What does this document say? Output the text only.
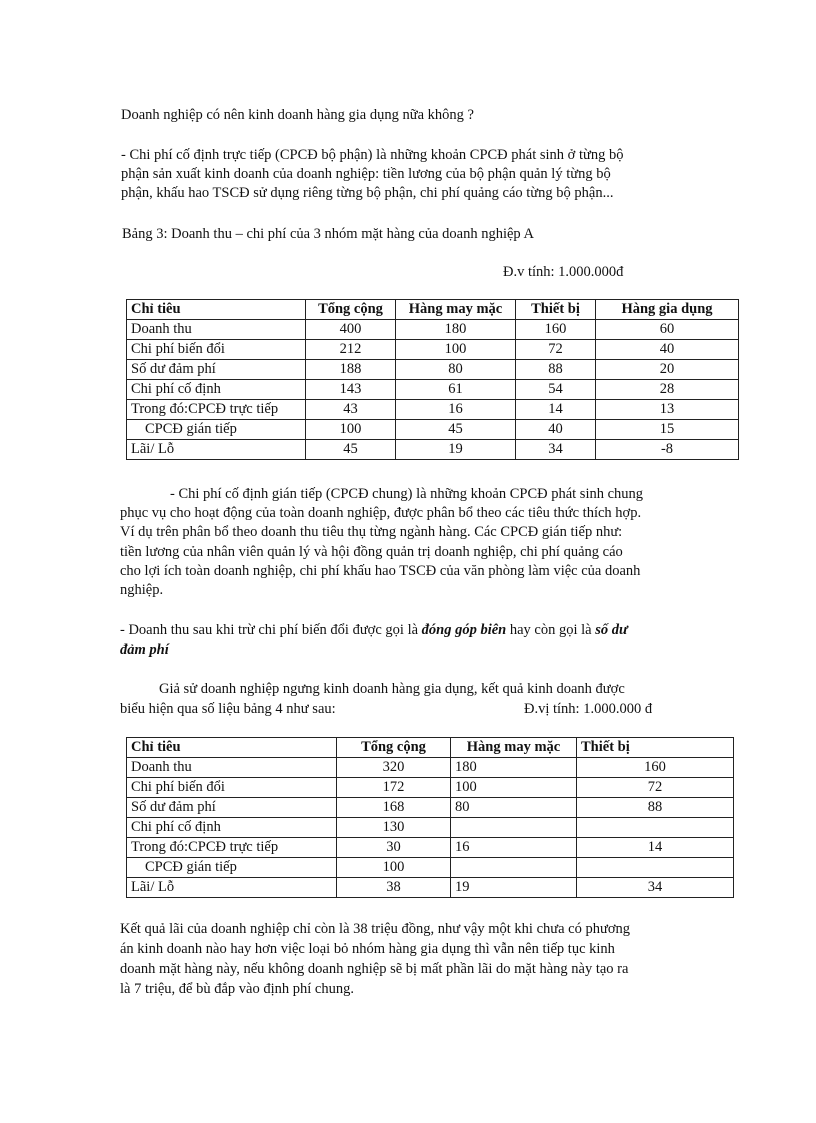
Doanh nghiệp có nên kinh doanh hàng gia dụng nữa không ?
- Chi phí cố định trực tiếp (CPCĐ bộ phận) là những khoản CPCĐ phát sinh ở từng bộ
phận sản xuất kinh doanh của doanh nghiệp: tiền lương của bộ phận quản lý từng bộ
phận, khấu hao TSCĐ sử dụng riêng từng bộ phận, chi phí quảng cáo từng bộ phận...
Bảng 3: Doanh thu – chi phí của 3 nhóm mặt hàng của doanh nghiệp A
Đ.v tính: 1.000.000đ
Chỉ tiêu	Tổng cộng	Hàng may mặc	Thiết bị	Hàng gia dụng
Doanh thu	400	180	160	60
Chi phí biến đổi	212	100	72	40
Số dư đảm phí	188	80	88	20
Chi phí cố định	143	61	54	28
Trong đó:CPCĐ trực tiếp	43	16	14	13
CPCĐ gián tiếp	100	45	40	15
Lãi/ Lỗ	45	19	34	-8
- Chi phí cố định gián tiếp (CPCĐ chung) là những khoản CPCĐ phát sinh chung
phục vụ cho hoạt động của toàn doanh nghiệp, được phân bổ theo các tiêu thức thích hợp.
Ví dụ trên phân bổ theo doanh thu tiêu thụ từng ngành hàng. Các CPCĐ gián tiếp như:
tiền lương của nhân viên quản lý và hội đồng quản trị doanh nghiệp, chi phí quảng cáo
cho lợi ích toàn doanh nghiệp, chi phí khấu hao TSCĐ của văn phòng làm việc của doanh
nghiệp.
- Doanh thu sau khi trừ chi phí biến đổi được gọi là đóng góp biên hay còn gọi là số dư
đảm phí
Giả sử doanh nghiệp ngưng kinh doanh hàng gia dụng, kết quả kinh doanh được
biểu hiện qua số liệu bảng 4 như sau:	Đ.vị tính: 1.000.000 đ
Chỉ tiêu	Tổng cộng	Hàng may mặc	Thiết bị
Doanh thu	320	180	160
Chi phí biến đổi	172	100	72
Số dư đảm phí	168	80	88
Chi phí cố định	130		
Trong đó:CPCĐ trực tiếp	30	16	14
CPCĐ gián tiếp	100		
Lãi/ Lỗ	38	19	34
Kết quả lãi của doanh nghiệp chỉ còn là 38 triệu đồng, như vậy một khi chưa có phương
án kinh doanh nào hay hơn việc loại bỏ nhóm hàng gia dụng thì vẫn nên tiếp tục kinh
doanh mặt hàng này, nếu không doanh nghiệp sẽ bị mất phần lãi do mặt hàng này tạo ra
là 7 triệu, để bù đắp vào định phí chung.
